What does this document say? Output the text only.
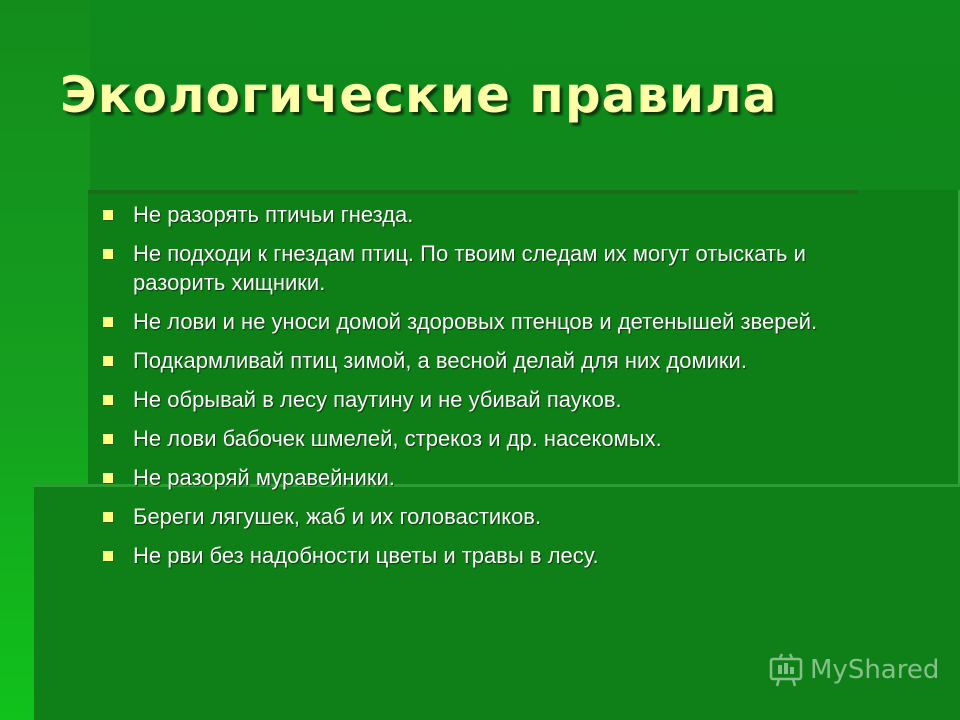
Экологические правила
Не разорять птичьи гнезда.
Не подходи к гнездам птиц. По твоим следам их могут отыскать и разорить хищники.
Не лови и не уноси домой здоровых птенцов и детенышей зверей.
Подкармливай птиц зимой, а весной делай для них домики.
Не обрывай в лесу паутину и не убивай пауков.
Не лови бабочек шмелей, стрекоз и др. насекомых.
Не разоряй муравейники.
Береги лягушек, жаб и их головастиков.
Не рви без надобности цветы и травы в лесу.
MyShared
